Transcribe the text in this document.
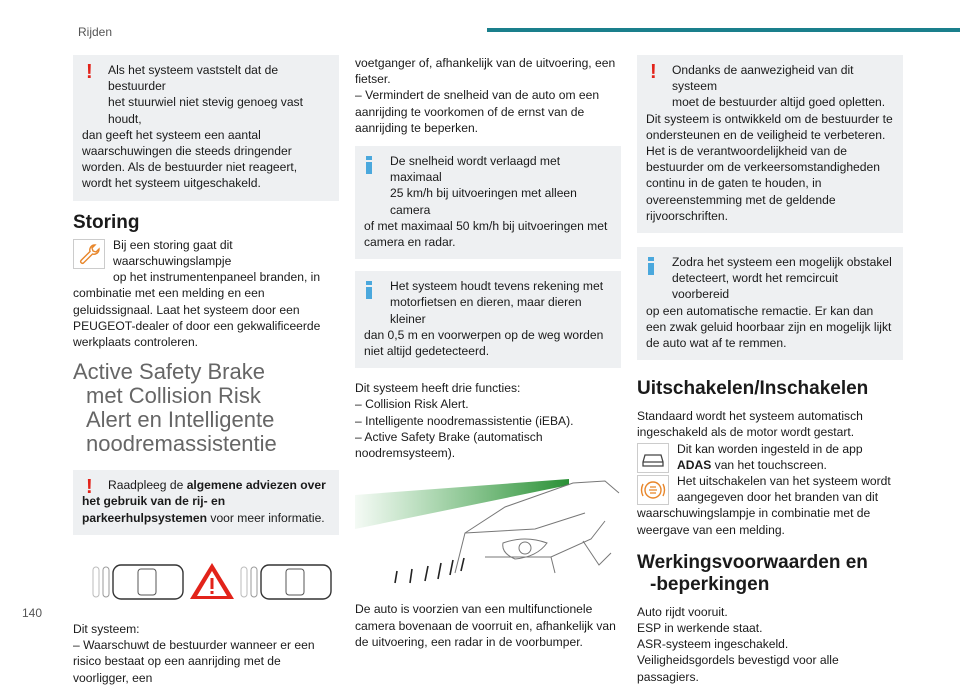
Rijden
!	Als het systeem vaststelt dat de bestuurder

het stuurwiel niet stevig genoeg vast houdt,

dan geeft het systeem een aantal waarschuwingen die steeds dringender worden. Als de bestuurder niet reageert, wordt het systeem uitgeschakeld.

Storing

Bij een storing gaat dit waarschuwingslampje

op het instrumentenpaneel branden, in

combinatie met een melding en een geluidssignaal. Laat het systeem door een PEUGEOT-dealer of door een gekwalificeerde werkplaats controleren.

Active Safety Brake
met Collision Risk
Alert en Intelligente
noodremassistentie
!	Raadpleeg de algemene adviezen over

het gebruik van de rij- en parkeerhulpsystemen voor meer informatie.

Dit systeem:

– Waarschuwt de bestuurder wanneer er een risico bestaat op een aanrijding met de voorligger, een

voetganger of, afhankelijk van de uitvoering, een fietser.

– Vermindert de snelheid van de auto om een aanrijding te voorkomen of de ernst van de aanrijding te beperken.

De snelheid wordt verlaagd met maximaal

25 km/h bij uitvoeringen met alleen camera

of met maximaal 50 km/h bij uitvoeringen met camera en radar.

Het systeem houdt tevens rekening met

motorfietsen en dieren, maar dieren kleiner

dan 0,5 m en voorwerpen op de weg worden niet altijd gedetecteerd.

Dit systeem heeft drie functies:

– Collision Risk Alert.

– Intelligente noodremassistentie (iEBA).

– Active Safety Brake (automatisch noodremsysteem).

De auto is voorzien van een multifunctionele camera bovenaan de voorruit en, afhankelijk van de uitvoering, een radar in de voorbumper.

!	Ondanks de aanwezigheid van dit systeem

moet de bestuurder altijd goed opletten.

Dit systeem is ontwikkeld om de bestuurder te ondersteunen en de veiligheid te verbeteren. Het is de verantwoordelijkheid van de bestuurder om de verkeersomstandigheden continu in de gaten te houden, in overeenstemming met de geldende rijvoorschriften.

Zodra het systeem een mogelijk obstakel

detecteert, wordt het remcircuit voorbereid

op een automatische remactie. Er kan dan een zwak geluid hoorbaar zijn en mogelijk lijkt de auto wat af te remmen.

Uitschakelen/Inschakelen

Standaard wordt het systeem automatisch ingeschakeld als de motor wordt gestart.

Dit kan worden ingesteld in de app

ADAS van het touchscreen.

Het uitschakelen van het systeem wordt

aangegeven door het branden van dit

waarschuwingslampje in combinatie met de weergave van een melding.

Werkingsvoorwaarden en
-beperkingen

Auto rijdt vooruit.

ESP in werkende staat.

ASR-systeem ingeschakeld.

Veiligheidsgordels bevestigd voor alle passagiers.

140
